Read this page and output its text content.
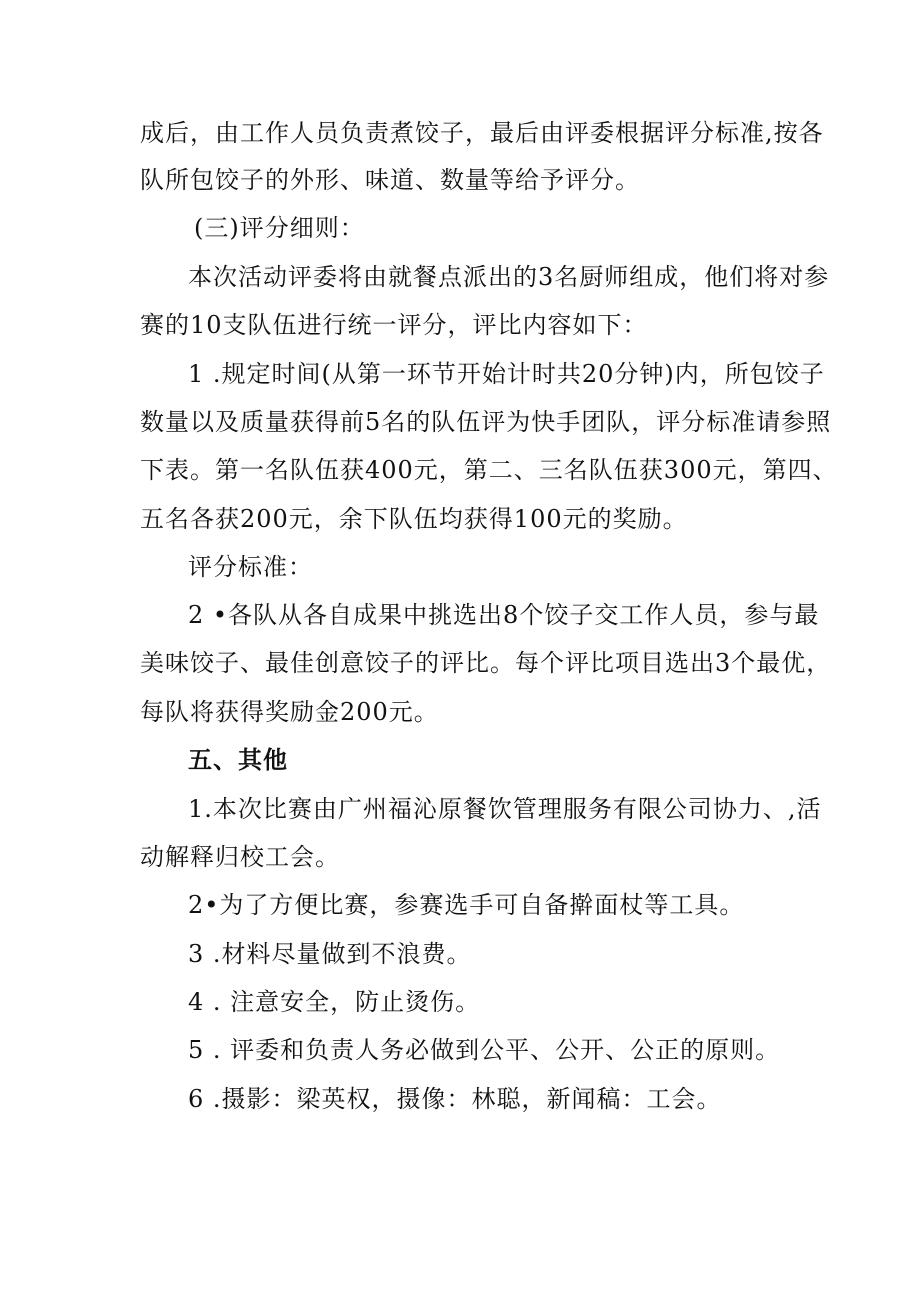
成后，由工作人员负责煮饺子，最后由评委根据评分标准,按各
队所包饺子的外形、味道、数量等给予评分。
(三)评分细则：
本次活动评委将由就餐点派出的3名厨师组成，他们将对参
赛的10支队伍进行统一评分，评比内容如下：
1 .规定时间(从第一环节开始计时共20分钟)内，所包饺子
数量以及质量获得前5名的队伍评为快手团队，评分标准请参照
下表。第一名队伍获400元，第二、三名队伍获300元，第四、
五名各获200元，余下队伍均获得100元的奖励。
评分标准：
2 •各队从各自成果中挑选出8个饺子交工作人员，参与最
美味饺子、最佳创意饺子的评比。每个评比项目选出3个最优，
每队将获得奖励金200元。
五、其他
1.本次比赛由广州福沁原餐饮管理服务有限公司协力、,活
动解释归校工会。
2•为了方便比赛，参赛选手可自备擀面杖等工具。
3 .材料尽量做到不浪费。
4 . 注意安全，防止烫伤。
5 . 评委和负责人务必做到公平、公开、公正的原则。
6 .摄影：梁英权，摄像：林聪，新闻稿：工会。
